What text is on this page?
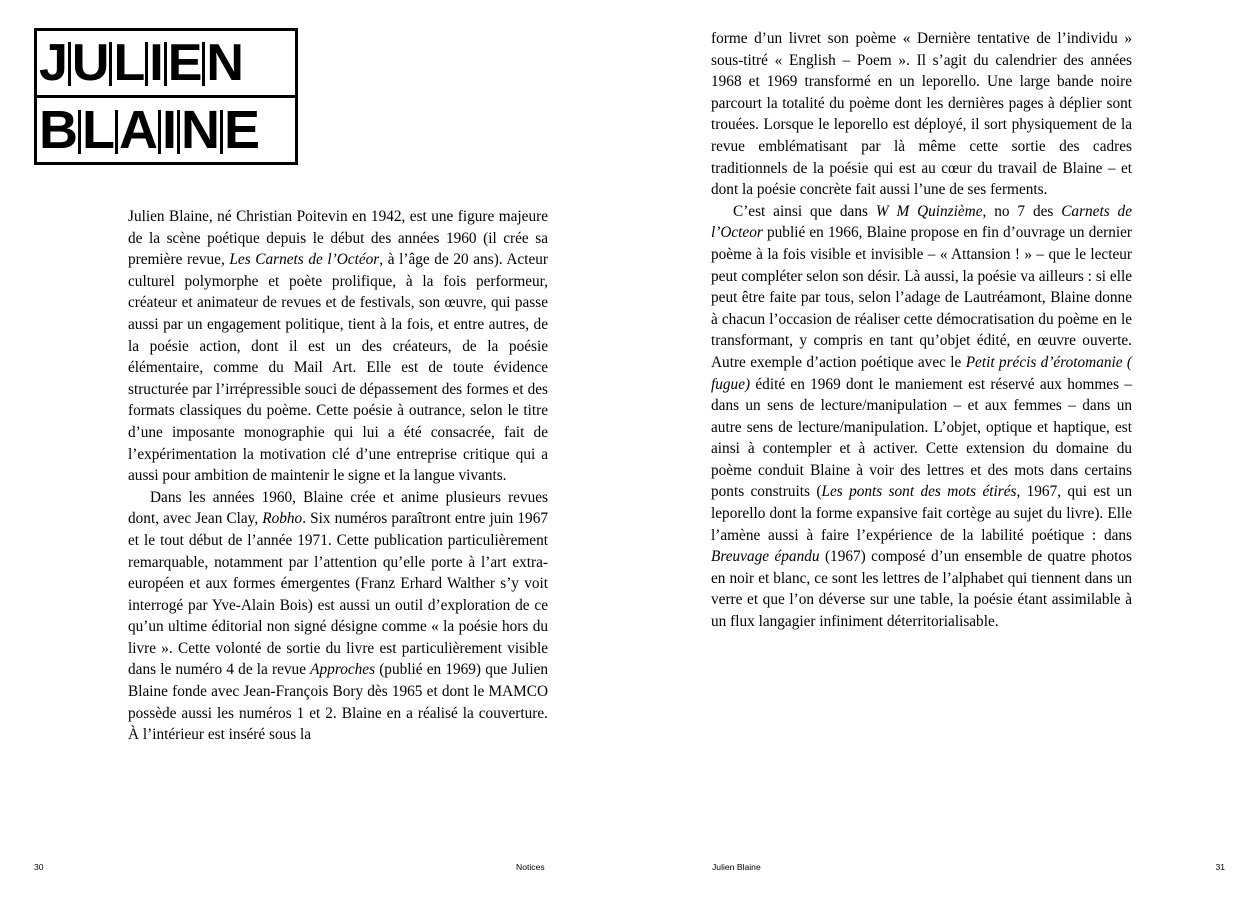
JULIEN
BLAINE

Julien Blaine, né Christian Poitevin en 1942, est une figure majeure de la scène poétique depuis le début des années 1960 (il crée sa première revue, Les Carnets de l’Octéor, à l’âge de 20 ans). Acteur culturel polymorphe et poète prolifique, à la fois performeur, créateur et animateur de revues et de festivals, son œuvre, qui passe aussi par un engagement politique, tient à la fois, et entre autres, de la poésie action, dont il est un des créateurs, de la poésie élémentaire, comme du Mail Art. Elle est de toute évidence structurée par l’irrépressible souci de dépassement des formes et des formats classiques du poème. Cette poésie à outrance, selon le titre d’une imposante monographie qui lui a été consacrée, fait de l’expérimentation la motivation clé d’une entreprise critique qui a aussi pour ambition de maintenir le signe et la langue vivants.

Dans les années 1960, Blaine crée et anime plusieurs revues dont, avec Jean Clay, Robho. Six numéros paraîtront entre juin 1967 et le tout début de l’année 1971. Cette publication particulièrement remarquable, notamment par l’attention qu’elle porte à l’art extra-européen et aux formes émergentes (Franz Erhard Walther s’y voit interrogé par Yve-Alain Bois) est aussi un outil d’exploration de ce qu’un ultime éditorial non signé désigne comme « la poésie hors du livre ». Cette volonté de sortie du livre est particulièrement visible dans le numéro 4 de la revue Approches (publié en 1969) que Julien Blaine fonde avec Jean-François Bory dès 1965 et dont le MAMCO possède aussi les numéros 1 et 2. Blaine en a réalisé la couverture. À l’intérieur est inséré sous la

forme d’un livret son poème « Dernière tentative de l’individu » sous-titré « English – Poem ». Il s’agit du calendrier des années 1968 et 1969 transformé en un leporello. Une large bande noire parcourt la totalité du poème dont les dernières pages à déplier sont trouées. Lorsque le leporello est déployé, il sort physiquement de la revue emblématisant par là même cette sortie des cadres traditionnels de la poésie qui est au cœur du travail de Blaine – et dont la poésie concrète fait aussi l’une de ses ferments.

C’est ainsi que dans W M Quinzième, no 7 des Carnets de l’Octeor publié en 1966, Blaine propose en fin d’ouvrage un dernier poème à la fois visible et invisible – « Attansion ! » – que le lecteur peut compléter selon son désir. Là aussi, la poésie va ailleurs : si elle peut être faite par tous, selon l’adage de Lautréamont, Blaine donne à chacun l’occasion de réaliser cette démocratisation du poème en le transformant, y compris en tant qu’objet édité, en œuvre ouverte. Autre exemple d’action poétique avec le Petit précis d’érotomanie ( fugue) édité en 1969 dont le maniement est réservé aux hommes – dans un sens de lecture/manipulation – et aux femmes – dans un autre sens de lecture/manipulation. L’objet, optique et haptique, est ainsi à contempler et à activer. Cette extension du domaine du poème conduit Blaine à voir des lettres et des mots dans certains ponts construits (Les ponts sont des mots étirés, 1967, qui est un leporello dont la forme expansive fait cortège au sujet du livre). Elle l’amène aussi à faire l’expérience de la labilité poétique : dans Breuvage épandu (1967) composé d’un ensemble de quatre photos en noir et blanc, ce sont les lettres de l’alphabet qui tiennent dans un verre et que l’on déverse sur une table, la poésie étant assimilable à un flux langagier infiniment déterritorialisable.

30	Notices	Julien Blaine	31
